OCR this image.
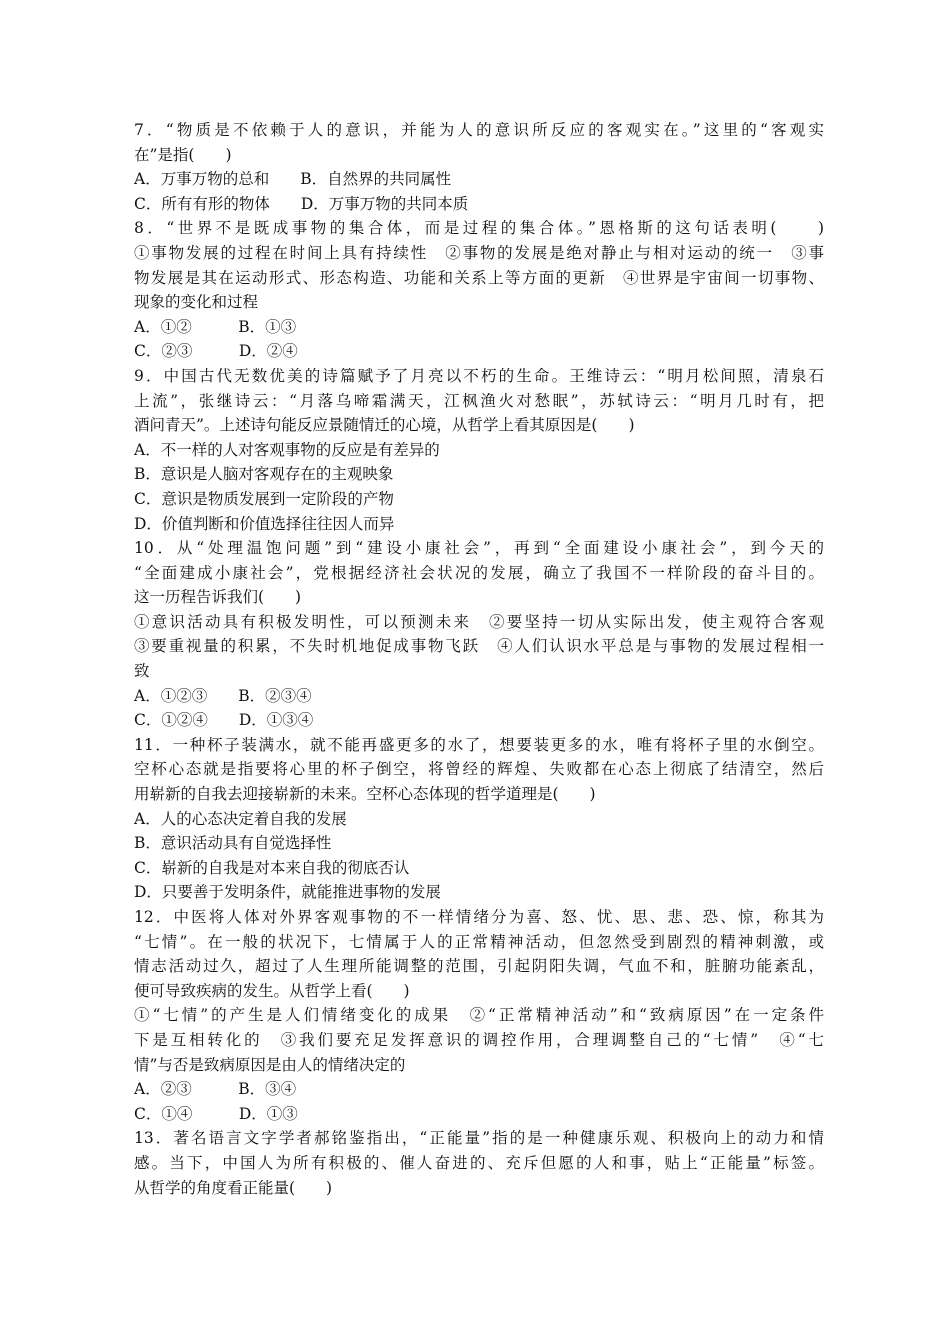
7．“物质是不依赖于人的意识，并能为人的意识所反应的客观实在。”这里的“客观实
在”是指(　　)
A．万事万物的总和　　B．自然界的共同属性
C．所有有形的物体　　D．万事万物的共同本质
8．“世界不是既成事物的集合体，而是过程的集合体。”恩格斯的这句话表明(　　)
①事物发展的过程在时间上具有持续性　②事物的发展是绝对静止与相对运动的统一　③事
物发展是其在运动形式、形态构造、功能和关系上等方面的更新　④世界是宇宙间一切事物、
现象的变化和过程
A．①②　　　B．①③
C．②③　　　D．②④
9．中国古代无数优美的诗篇赋予了月亮以不朽的生命。王维诗云：“明月松间照，清泉石
上流”，张继诗云：“月落乌啼霜满天，江枫渔火对愁眠”，苏轼诗云：“明月几时有，把
酒问青天”。上述诗句能反应景随情迁的心境，从哲学上看其原因是(　　)
A．不一样的人对客观事物的反应是有差异的
B．意识是人脑对客观存在的主观映象
C．意识是物质发展到一定阶段的产物
D．价值判断和价值选择往往因人而异
10．从“处理温饱问题”到“建设小康社会”，再到“全面建设小康社会”，到今天的
“全面建成小康社会”，党根据经济社会状况的发展，确立了我国不一样阶段的奋斗目的。
这一历程告诉我们(　　)
①意识活动具有积极发明性，可以预测未来　②要坚持一切从实际出发，使主观符合客观
③要重视量的积累，不失时机地促成事物飞跃　④人们认识水平总是与事物的发展过程相一
致
A．①②③　　B．②③④
C．①②④　　D．①③④
11．一种杯子装满水，就不能再盛更多的水了，想要装更多的水，唯有将杯子里的水倒空。
空杯心态就是指要将心里的杯子倒空，将曾经的辉煌、失败都在心态上彻底了结清空，然后
用崭新的自我去迎接崭新的未来。空杯心态体现的哲学道理是(　　)
A．人的心态决定着自我的发展
B．意识活动具有自觉选择性
C．崭新的自我是对本来自我的彻底否认
D．只要善于发明条件，就能推进事物的发展
12．中医将人体对外界客观事物的不一样情绪分为喜、怒、忧、思、悲、恐、惊，称其为
“七情”。在一般的状况下，七情属于人的正常精神活动，但忽然受到剧烈的精神刺激，或
情志活动过久，超过了人生理所能调整的范围，引起阴阳失调，气血不和，脏腑功能紊乱，
便可导致疾病的发生。从哲学上看(　　)
①“七情”的产生是人们情绪变化的成果　②“正常精神活动”和“致病原因”在一定条件
下是互相转化的　③我们要充足发挥意识的调控作用，合理调整自己的“七情”　④“七
情”与否是致病原因是由人的情绪决定的
A．②③　　　B．③④
C．①④　　　D．①③
13．著名语言文字学者郝铭鉴指出，“正能量”指的是一种健康乐观、积极向上的动力和情
感。当下，中国人为所有积极的、催人奋进的、充斥但愿的人和事，贴上“正能量”标签。
从哲学的角度看正能量(　　)
